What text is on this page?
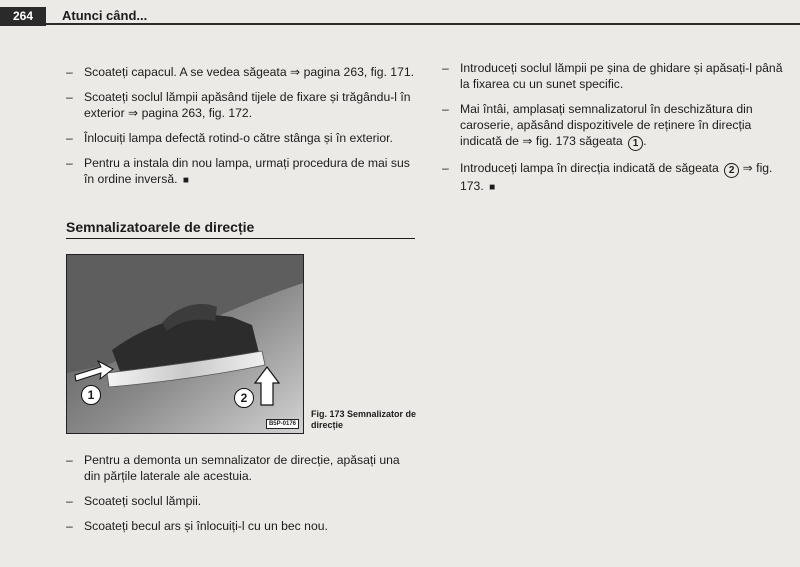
264	Atunci când...
– Scoateți capacul. A se vedea săgeata ⇒ pagina 263, fig. 171.
– Scoateți soclul lămpii apăsând tijele de fixare și trăgându-l în exterior ⇒ pagina 263, fig. 172.
– Înlocuiți lampa defectă rotind-o către stânga și în exterior.
– Pentru a instala din nou lampa, urmați procedura de mai sus în ordine inversă. ■
– Introduceți soclul lămpii pe șina de ghidare și apăsați-l până la fixarea cu un sunet specific.
– Mai întâi, amplasați semnalizatorul în deschizătura din caroserie, apăsând dispozitivele de reținere în direcția indicată de ⇒ fig. 173 săgeata 1 .
– Introduceți lampa în direcția indicată de săgeata 2 ⇒ fig. 173. ■
Semnalizatoarele de direcție
1	2
B5P-0176
Fig. 173 Semnalizator de direcție
– Pentru a demonta un semnalizator de direcție, apăsați una din părțile laterale ale acestuia.
– Scoateți soclul lămpii.
– Scoateți becul ars și înlocuiți-l cu un bec nou.
